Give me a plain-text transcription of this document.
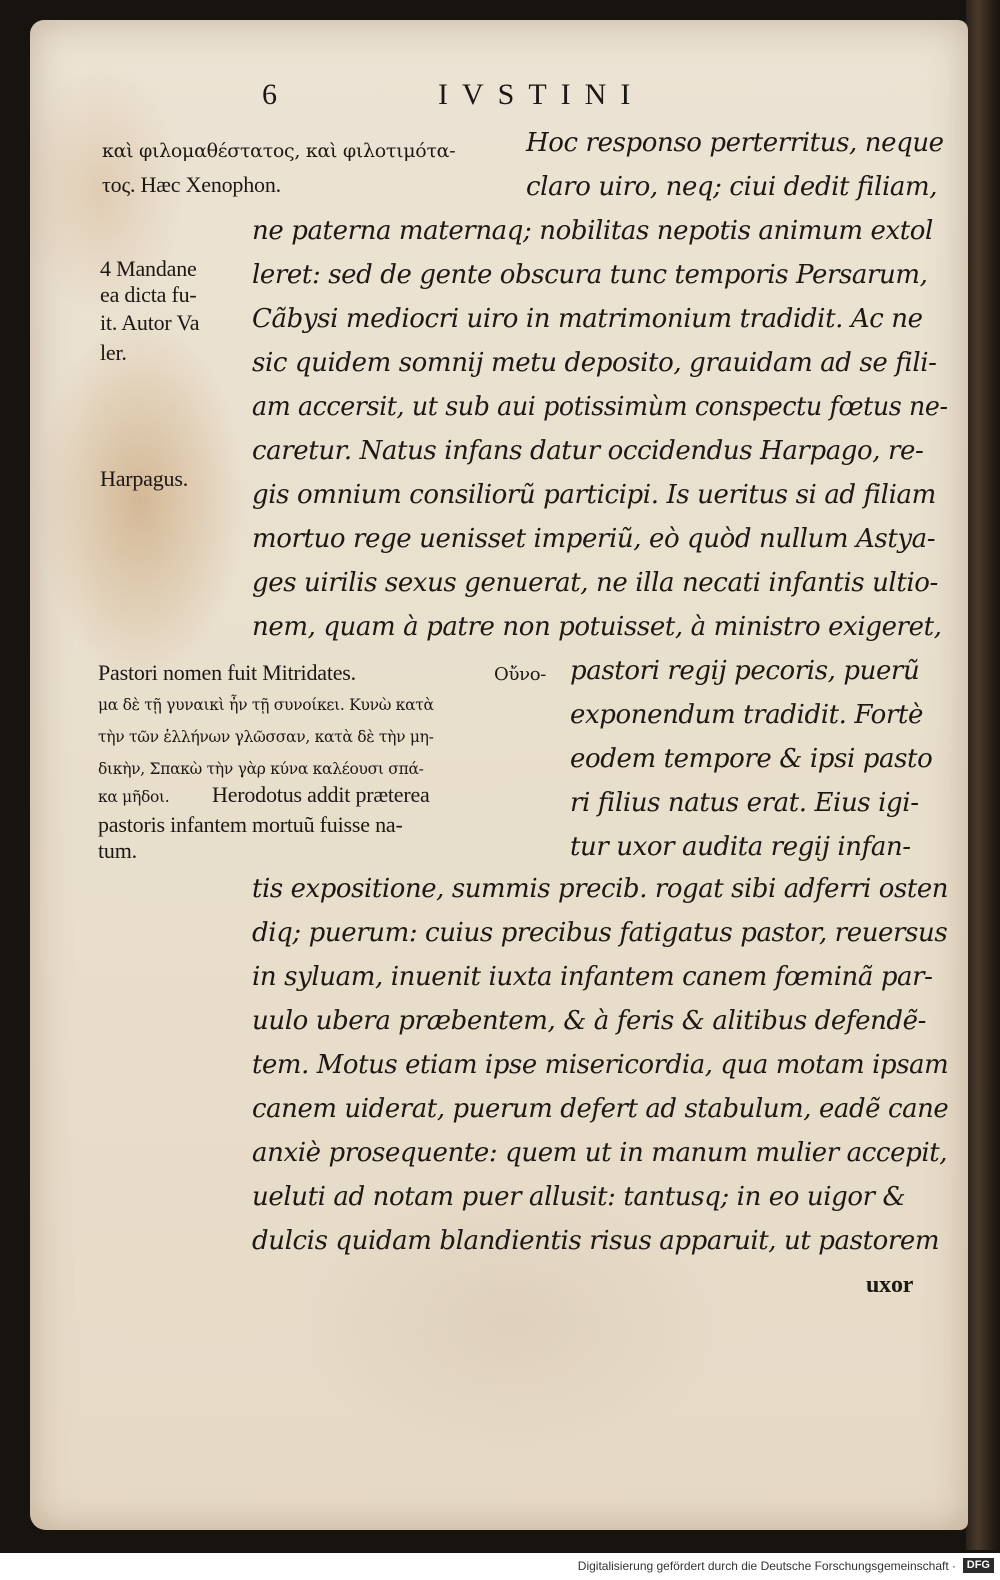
6	IVSTINI
καὶ φιλομαθέστατος, καὶ φιλοτιμότα-
τος. Hæc Xenophon.
4 Mandane
ea dicta fu-
it. Autor Va
ler.
Harpagus.
Pastori nomen fuit Mitridates.	Οὔνο-
μα δὲ τῇ γυναικὶ ἦν τῇ συνοίκει. Κυνὼ κατὰ
τὴν τῶν ἑλλήνων γλῶσσαν, κατὰ δὲ τὴν μη-
δικὴν, Σπακὼ τὴν γὰρ κύνα καλέουσι σπά-
κα μῆδοι. Herodotus addit præterea
pastoris infantem mortuũ fuisse na-
tum.
Hoc responso perterritus, neque
claro uiro, neq; ciui dedit filiam,
ne paterna maternaq; nobilitas nepotis animum extol
leret: sed de gente obscura tunc temporis Persarum,
Cãbysi mediocri uiro in matrimonium tradidit. Ac ne
sic quidem somnij metu deposito, grauidam ad se fili-
am accersit, ut sub aui potissimùm conspectu fœtus ne-
caretur. Natus infans datur occidendus Harpago, re-
gis omnium consiliorũ participi. Is ueritus si ad filiam
mortuo rege uenisset imperiũ, eò quòd nullum Astya-
ges uirilis sexus genuerat, ne illa necati infantis ultio-
nem, quam à patre non potuisset, à ministro exigeret,
pastori regij pecoris, puerũ
exponendum tradidit. Fortè
eodem tempore & ipsi pasto
ri filius natus erat. Eius igi-
tur uxor audita regij infan-
tis expositione, summis precib. rogat sibi adferri osten
diq; puerum: cuius precibus fatigatus pastor, reuersus
in syluam, inuenit iuxta infantem canem fœminã par-
uulo ubera præbentem, & à feris & alitibus defendẽ-
tem. Motus etiam ipse misericordia, qua motam ipsam
canem uiderat, puerum defert ad stabulum, eadẽ cane
anxiè prosequente: quem ut in manum mulier accepit,
ueluti ad notam puer allusit: tantusq; in eo uigor &
dulcis quidam blandientis risus apparuit, ut pastorem
uxor
Digitalisierung gefördert durch die Deutsche Forschungsgemeinschaft · DFG
